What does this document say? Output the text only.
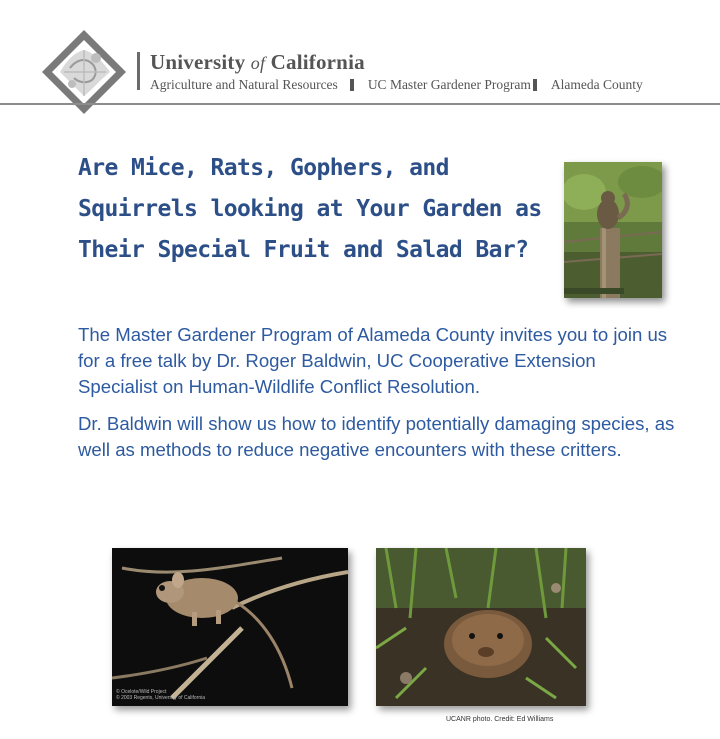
University of California
Agriculture and Natural Resources UC Master Gardener Program Alameda County
Are Mice, Rats, Gophers, and Squirrels looking at Your Garden as Their Special Fruit and Salad Bar?

The Master Gardener Program of Alameda County invites you to join us for a free talk by Dr. Roger Baldwin, UC Cooperative Extension Specialist on Human-Wildlife Conflict Resolution.

Dr. Baldwin will show us how to identify potentially damaging species, as well as methods to reduce negative encounters with these critters.

© Ocelote/Wild Project
© 2003 Regents, University of California
UCANR photo. Credit: Ed Williams
